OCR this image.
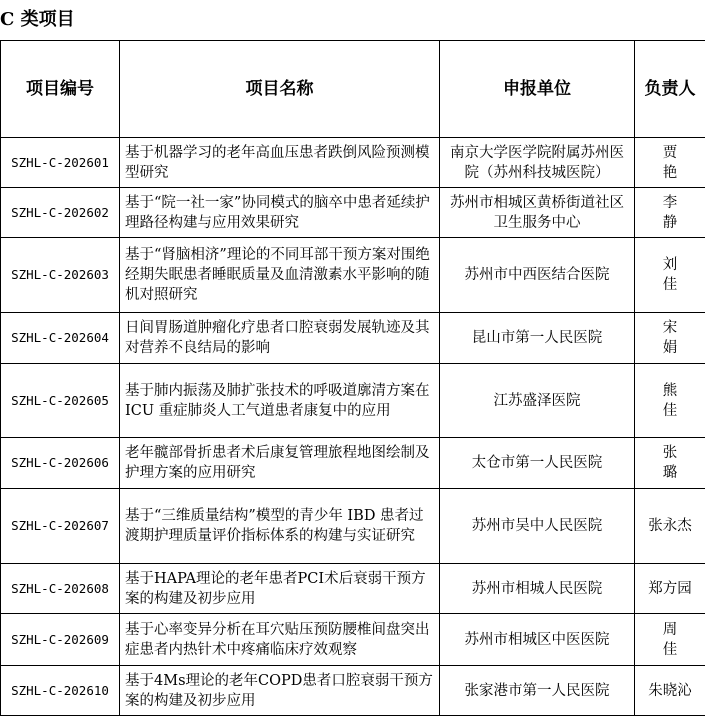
C 类项目
项目编号	项目名称	申报单位	负责人
SZHL-C-202601	基于机器学习的老年高血压患者跌倒风险预测模型研究	南京大学医学院附属苏州医院（苏州科技城医院）	贾艳
SZHL-C-202602	基于“院一社一家”协同模式的脑卒中患者延续护理路径构建与应用效果研究	苏州市相城区黄桥街道社区卫生服务中心	李静
SZHL-C-202603	基于“肾脑相济”理论的不同耳部干预方案对围绝经期失眠患者睡眠质量及血清激素水平影响的随机对照研究	苏州市中西医结合医院	刘佳
SZHL-C-202604	日间胃肠道肿瘤化疗患者口腔衰弱发展轨迹及其对营养不良结局的影响	昆山市第一人民医院	宋娟
SZHL-C-202605	基于肺内振荡及肺扩张技术的呼吸道廓清方案在 ICU 重症肺炎人工气道患者康复中的应用	江苏盛泽医院	熊佳
SZHL-C-202606	老年髋部骨折患者术后康复管理旅程地图绘制及护理方案的应用研究	太仓市第一人民医院	张璐
SZHL-C-202607	基于“三维质量结构”模型的青少年 IBD 患者过渡期护理质量评价指标体系的构建与实证研究	苏州市吴中人民医院	张永杰
SZHL-C-202608	基于HAPA理论的老年患者PCI术后衰弱干预方案的构建及初步应用	苏州市相城人民医院	郑方园
SZHL-C-202609	基于心率变异分析在耳穴贴压预防腰椎间盘突出症患者内热针术中疼痛临床疗效观察	苏州市相城区中医医院	周佳
SZHL-C-202610	基于4Ms理论的老年COPD患者口腔衰弱干预方案的构建及初步应用	张家港市第一人民医院	朱晓沁
